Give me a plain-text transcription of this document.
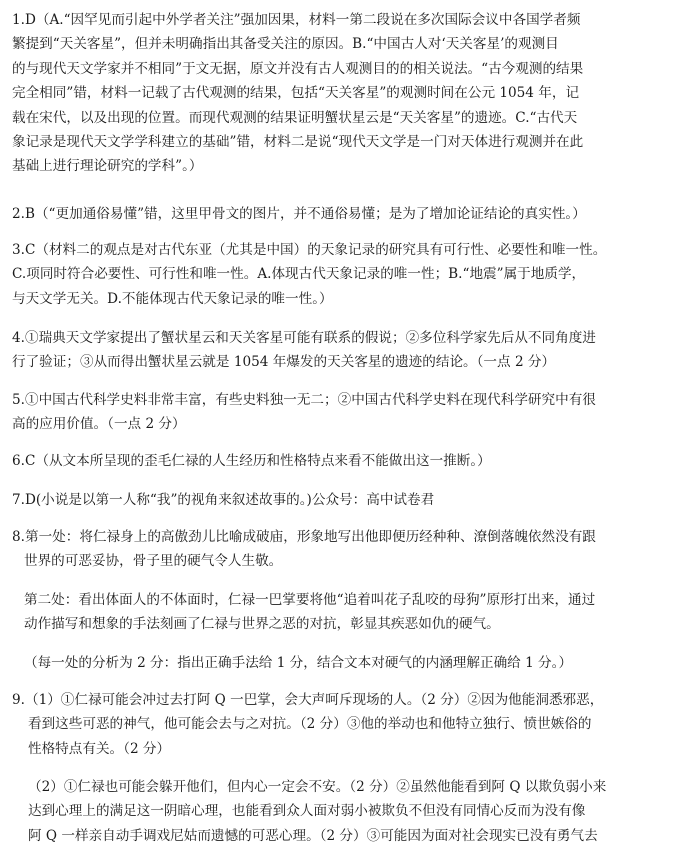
1.D（A.“因罕见而引起中外学者关注”强加因果，材料一第二段说在多次国际会议中各国学者频
繁提到“天关客星”，但并未明确指出其备受关注的原因。B.“中国古人对‘天关客星’的观测目
的与现代天文学家并不相同”于文无据，原文并没有古人观测目的的相关说法。“古今观测的结果
完全相同”错，材料一记载了古代观测的结果，包括“天关客星”的观测时间在公元 1054 年，记
载在宋代，以及出现的位置。而现代观测的结果证明蟹状星云是“天关客星”的遗迹。C.“古代天
象记录是现代天文学学科建立的基础”错，材料二是说“现代天文学是一门对天体进行观测并在此
基础上进行理论研究的学科”。）
2.B（“更加通俗易懂”错，这里甲骨文的图片，并不通俗易懂；是为了增加论证结论的真实性。）
3.C（材料二的观点是对古代东亚（尤其是中国）的天象记录的研究具有可行性、必要性和唯一性。
C.项同时符合必要性、可行性和唯一性。A.体现古代天象记录的唯一性；B.“地震”属于地质学，
与天文学无关。D.不能体现古代天象记录的唯一性。）
4.①瑞典天文学家提出了蟹状星云和天关客星可能有联系的假说；②多位科学家先后从不同角度进
行了验证；③从而得出蟹状星云就是 1054 年爆发的天关客星的遗迹的结论。（一点 2 分）
5.①中国古代科学史料非常丰富，有些史料独一无二；②中国古代科学史料在现代科学研究中有很
高的应用价值。（一点 2 分）
6.C（从文本所呈现的歪毛仁禄的人生经历和性格特点来看不能做出这一推断。）
7.D(小说是以第一人称“我”的视角来叙述故事的。)公众号：高中试卷君
8.第一处：将仁禄身上的高傲劲儿比喻成破庙，形象地写出他即便历经种种、潦倒落魄依然没有跟
世界的可恶妥协，骨子里的硬气令人生敬。
第二处：看出体面人的不体面时，仁禄一巴掌要将他“追着叫花子乱咬的母狗”原形打出来，通过
动作描写和想象的手法刻画了仁禄与世界之恶的对抗，彰显其疾恶如仇的硬气。
（每一处的分析为 2 分：指出正确手法给 1 分，结合文本对硬气的内涵理解正确给 1 分。）
9.（1）①仁禄可能会冲过去打阿 Q 一巴掌，会大声呵斥现场的人。（2 分）②因为他能洞悉邪恶，
看到这些可恶的神气，他可能会去与之对抗。（2 分）③他的举动也和他特立独行、愤世嫉俗的
性格特点有关。（2 分）
（2）①仁禄也可能会躲开他们，但内心一定会不安。（2 分）②虽然他能看到阿 Q 以欺负弱小来
达到心理上的满足这一阴暗心理，也能看到众人面对弱小被欺负不但没有同情心反而为没有像
阿 Q 一样亲自动手调戏尼姑而遗憾的可恶心理。（2 分）③可能因为面对社会现实已没有勇气去
